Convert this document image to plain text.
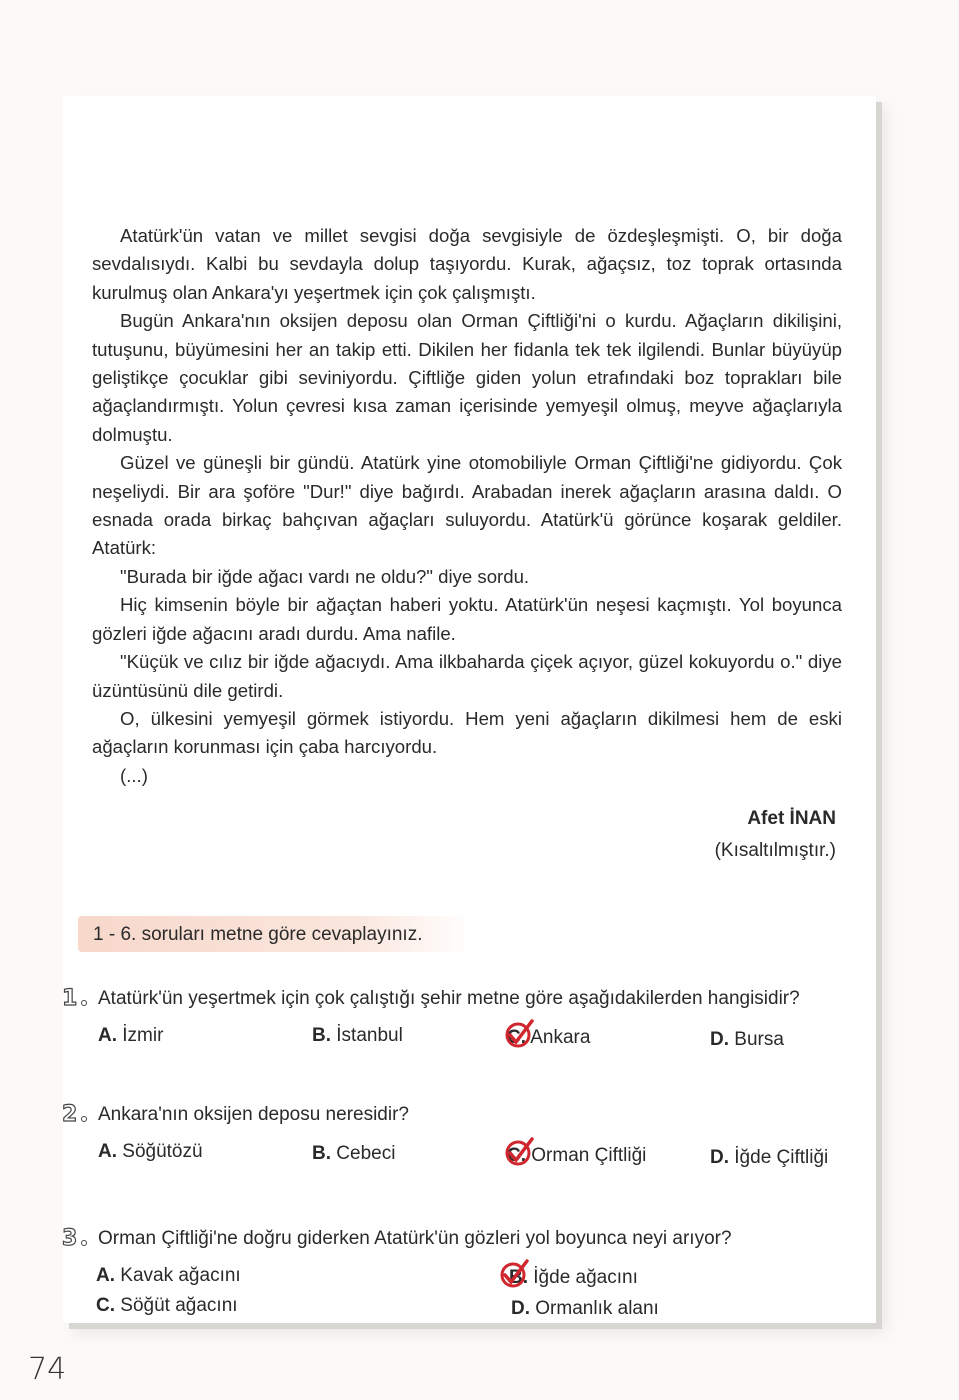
Atatürk'ün vatan ve millet sevgisi doğa sevgisiyle de özdeşleşmişti. O, bir doğa sevdalısıydı. Kalbi bu sevdayla dolup taşıyordu. Kurak, ağaçsız, toz toprak ortasında kurulmuş olan Ankara'yı yeşertmek için çok çalışmıştı.

Bugün Ankara'nın oksijen deposu olan Orman Çiftliği'ni o kurdu. Ağaçların dikilişini, tutuşunu, büyümesini her an takip etti. Dikilen her fidanla tek tek ilgilendi. Bunlar büyüyüp geliştikçe çocuklar gibi seviniyordu. Çiftliğe giden yolun etrafındaki boz toprakları bile ağaçlandırmıştı. Yolun çevresi kısa zaman içerisinde yemyeşil olmuş, meyve ağaçlarıyla dolmuştu.

Güzel ve güneşli bir gündü. Atatürk yine otomobiliyle Orman Çiftliği'ne gidiyordu. Çok neşeliydi. Bir ara şoföre "Dur!" diye bağırdı. Arabadan inerek ağaçların arasına daldı. O esnada orada birkaç bahçıvan ağaçları suluyordu. Atatürk'ü görünce koşarak geldiler. Atatürk:

"Burada bir iğde ağacı vardı ne oldu?" diye sordu.

Hiç kimsenin böyle bir ağaçtan haberi yoktu. Atatürk'ün neşesi kaçmıştı. Yol boyunca gözleri iğde ağacını aradı durdu. Ama nafile.

"Küçük ve cılız bir iğde ağacıydı. Ama ilkbaharda çiçek açıyor, güzel kokuyordu o." diye üzüntüsünü dile getirdi.

O, ülkesini yemyeşil görmek istiyordu. Hem yeni ağaçların dikilmesi hem de eski ağaçların korunması için çaba harcıyordu.

(...)

Afet İNAN
(Kısaltılmıştır.)
1 - 6. soruları metne göre cevaplayınız.
1	Atatürk'ün yeşertmek için çok çalıştığı şehir metne göre aşağıdakilerden hangisidir?
A. İzmir	B. İstanbul	C. Ankara	D. Bursa
2	Ankara'nın oksijen deposu neresidir?
A. Söğütözü	B. Cebeci	C. Orman Çiftliği	D. İğde Çiftliği
3	Orman Çiftliği'ne doğru giderken Atatürk'ün gözleri yol boyunca neyi arıyor?
A. Kavak ağacını	B. İğde ağacını
C. Söğüt ağacını	D. Ormanlık alanı
74
